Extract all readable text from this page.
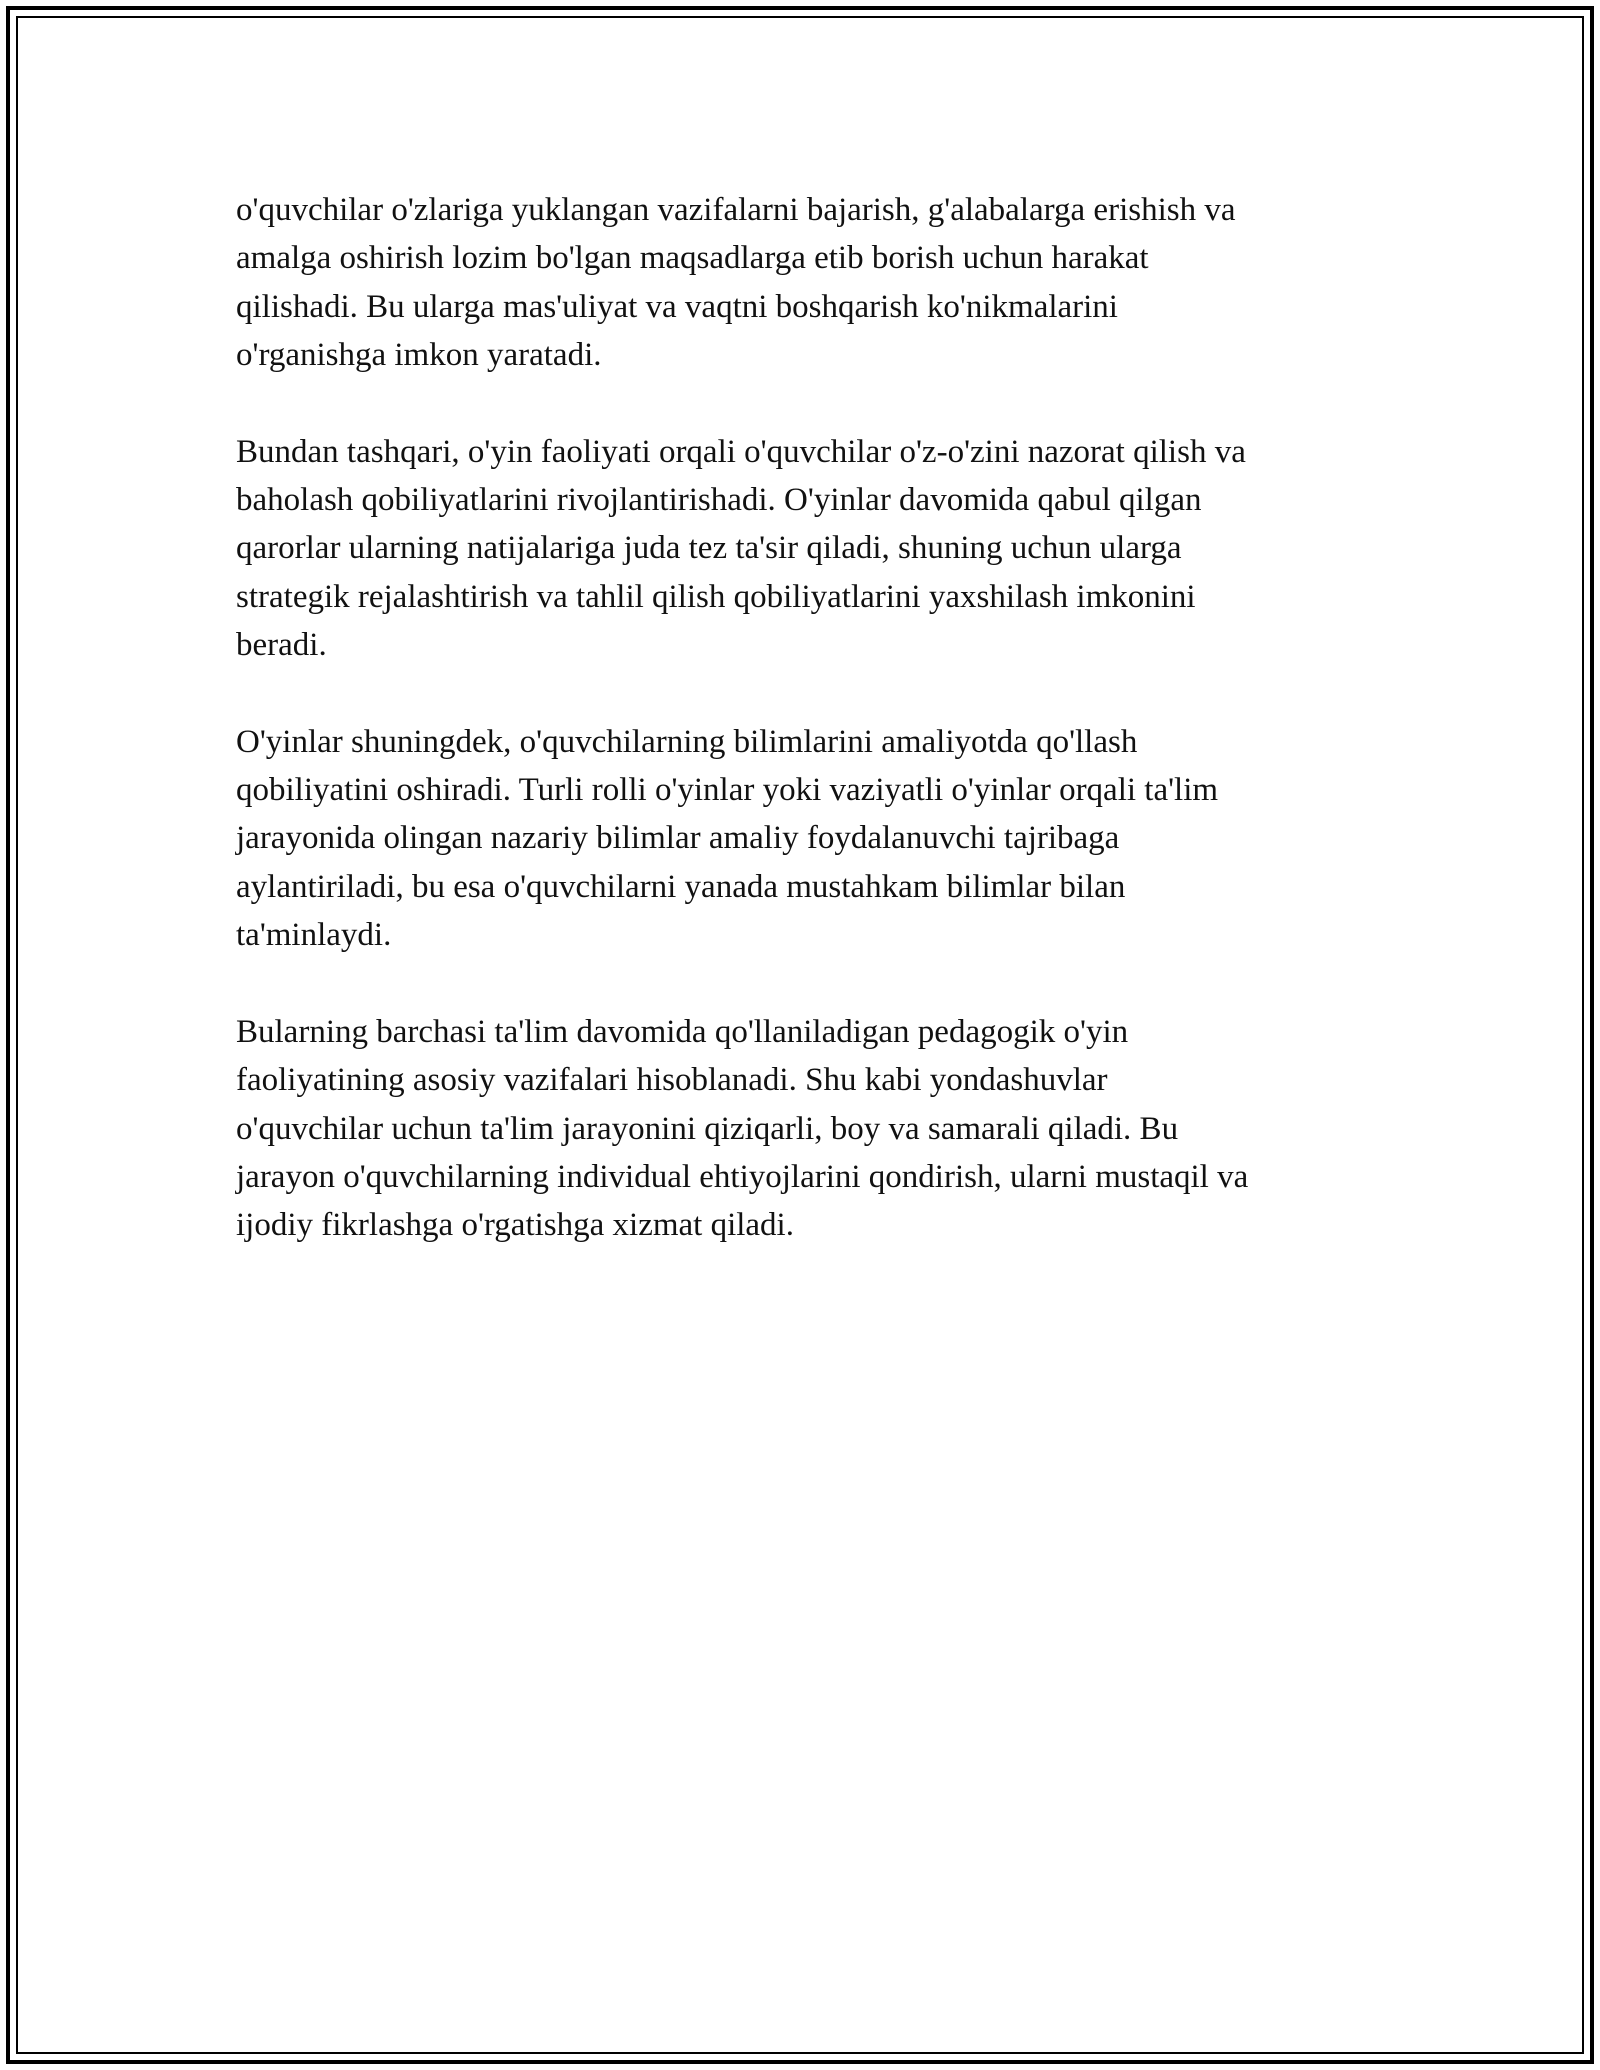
o'quvchilar o'zlariga yuklangan vazifalarni bajarish, g'alabalarga erishish va
amalga oshirish lozim bo'lgan maqsadlarga etib borish uchun harakat
qilishadi. Bu ularga mas'uliyat va vaqtni boshqarish ko'nikmalarini
o'rganishga imkon yaratadi.

Bundan tashqari, o'yin faoliyati orqali o'quvchilar o'z-o'zini nazorat qilish va
baholash qobiliyatlarini rivojlantirishadi. O'yinlar davomida qabul qilgan
qarorlar ularning natijalariga juda tez ta'sir qiladi, shuning uchun ularga
strategik rejalashtirish va tahlil qilish qobiliyatlarini yaxshilash imkonini
beradi.

O'yinlar shuningdek, o'quvchilarning bilimlarini amaliyotda qo'llash
qobiliyatini oshiradi. Turli rolli o'yinlar yoki vaziyatli o'yinlar orqali ta'lim
jarayonida olingan nazariy bilimlar amaliy foydalanuvchi tajribaga
aylantiriladi, bu esa o'quvchilarni yanada mustahkam bilimlar bilan
ta'minlaydi.

Bularning barchasi ta'lim davomida qo'llaniladigan pedagogik o'yin
faoliyatining asosiy vazifalari hisoblanadi. Shu kabi yondashuvlar
o'quvchilar uchun ta'lim jarayonini qiziqarli, boy va samarali qiladi. Bu
jarayon o'quvchilarning individual ehtiyojlarini qondirish, ularni mustaqil va
ijodiy fikrlashga o'rgatishga xizmat qiladi.
